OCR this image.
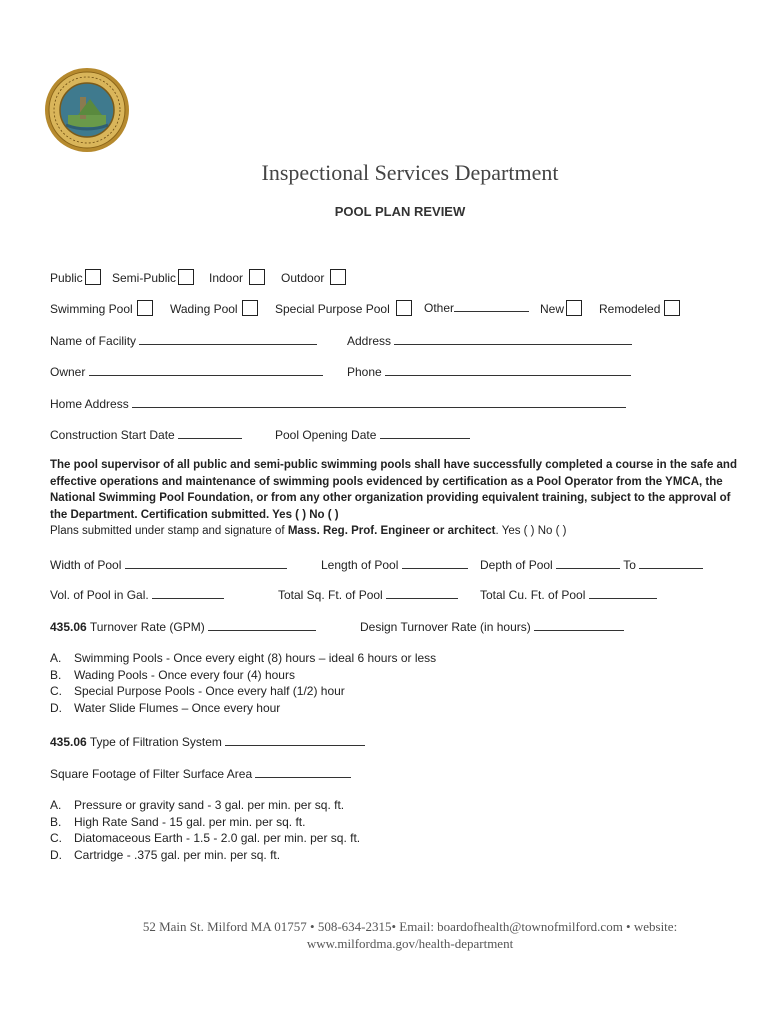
Inspectional Services Department
POOL PLAN REVIEW
Public	Semi-Public	Indoor	Outdoor
Swimming Pool	Wading Pool	Special Purpose Pool	Other	New	Remodeled
Name of Facility	Address
Owner	Phone
Home Address
Construction Start Date	Pool Opening Date
The pool supervisor of all public and semi-public swimming pools shall have successfully completed a course in the safe and effective operations and maintenance of swimming pools evidenced by certification as a Pool Operator from the YMCA, the National Swimming Pool Foundation, or from any other organization providing equivalent training, subject to the approval of the Department. Certification submitted. Yes ( ) No ( )
Plans submitted under stamp and signature of Mass. Reg. Prof. Engineer or architect. Yes ( ) No ( )
Width of Pool	Length of Pool	Depth of Pool	To
Vol. of Pool in Gal.	Total Sq. Ft. of Pool	Total Cu. Ft. of Pool
435.06 Turnover Rate (GPM)	Design Turnover Rate (in hours)
A. Swimming Pools - Once every eight (8) hours – ideal 6 hours or less
B. Wading Pools - Once every four (4) hours
C. Special Purpose Pools - Once every half (1/2) hour
D. Water Slide Flumes – Once every hour
435.06 Type of Filtration System
Square Footage of Filter Surface Area
A. Pressure or gravity sand - 3 gal. per min. per sq. ft.
B. High Rate Sand - 15 gal. per min. per sq. ft.
C. Diatomaceous Earth - 1.5 - 2.0 gal. per min. per sq. ft.
D. Cartridge - .375 gal. per min. per sq. ft.
52 Main St. Milford MA 01757 • 508-634-2315• Email: boardofhealth@townofmilford.com • website:
www.milfordma.gov/health-department
